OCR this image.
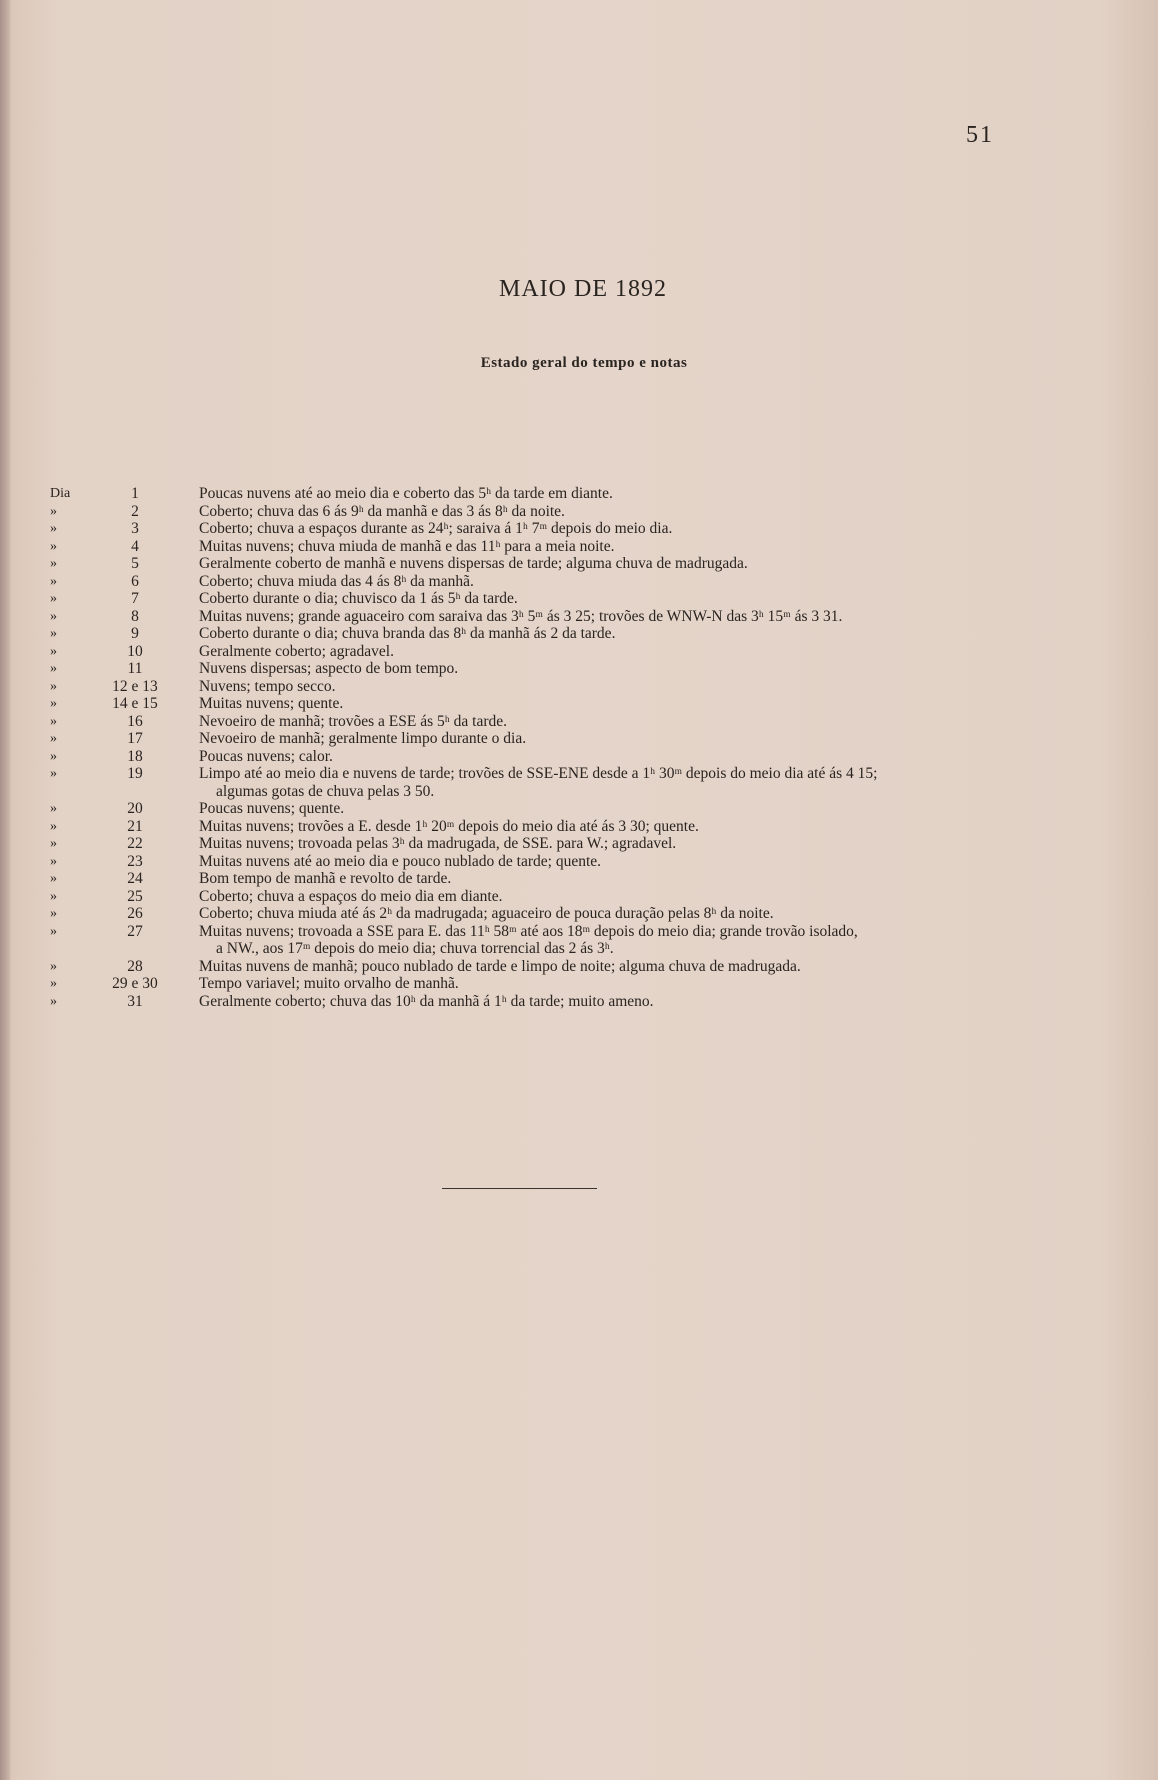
51
MAIO DE 1892
Estado geral do tempo e notas
Dia	1	Poucas nuvens até ao meio dia e coberto das 5ʰ da tarde em diante.
»	2	Coberto; chuva das 6 ás 9ʰ da manhã e das 3 ás 8ʰ da noite.
»	3	Coberto; chuva a espaços durante as 24ʰ; saraiva á 1ʰ 7ᵐ depois do meio dia.
»	4	Muitas nuvens; chuva miuda de manhã e das 11ʰ para a meia noite.
»	5	Geralmente coberto de manhã e nuvens dispersas de tarde; alguma chuva de madrugada.
»	6	Coberto; chuva miuda das 4 ás 8ʰ da manhã.
»	7	Coberto durante o dia; chuvisco da 1 ás 5ʰ da tarde.
»	8	Muitas nuvens; grande aguaceiro com saraiva das 3ʰ 5ᵐ ás 3 25; trovões de WNW-N das 3ʰ 15ᵐ ás 3 31.
»	9	Coberto durante o dia; chuva branda das 8ʰ da manhã ás 2 da tarde.
»	10	Geralmente coberto; agradavel.
»	11	Nuvens dispersas; aspecto de bom tempo.
»	12 e 13	Nuvens; tempo secco.
»	14 e 15	Muitas nuvens; quente.
»	16	Nevoeiro de manhã; trovões a ESE ás 5ʰ da tarde.
»	17	Nevoeiro de manhã; geralmente limpo durante o dia.
»	18	Poucas nuvens; calor.
»	19	Limpo até ao meio dia e nuvens de tarde; trovões de SSE-ENE desde a 1ʰ 30ᵐ depois do meio dia até ás 4 15;
algumas gotas de chuva pelas 3 50.
»	20	Poucas nuvens; quente.
»	21	Muitas nuvens; trovões a E. desde 1ʰ 20ᵐ depois do meio dia até ás 3 30; quente.
»	22	Muitas nuvens; trovoada pelas 3ʰ da madrugada, de SSE. para W.; agradavel.
»	23	Muitas nuvens até ao meio dia e pouco nublado de tarde; quente.
»	24	Bom tempo de manhã e revolto de tarde.
»	25	Coberto; chuva a espaços do meio dia em diante.
»	26	Coberto; chuva miuda até ás 2ʰ da madrugada; aguaceiro de pouca duração pelas 8ʰ da noite.
»	27	Muitas nuvens; trovoada a SSE para E. das 11ʰ 58ᵐ até aos 18ᵐ depois do meio dia; grande trovão isolado,
a NW., aos 17ᵐ depois do meio dia; chuva torrencial das 2 ás 3ʰ.
»	28	Muitas nuvens de manhã; pouco nublado de tarde e limpo de noite; alguma chuva de madrugada.
»	29 e 30	Tempo variavel; muito orvalho de manhã.
»	31	Geralmente coberto; chuva das 10ʰ da manhã á 1ʰ da tarde; muito ameno.
